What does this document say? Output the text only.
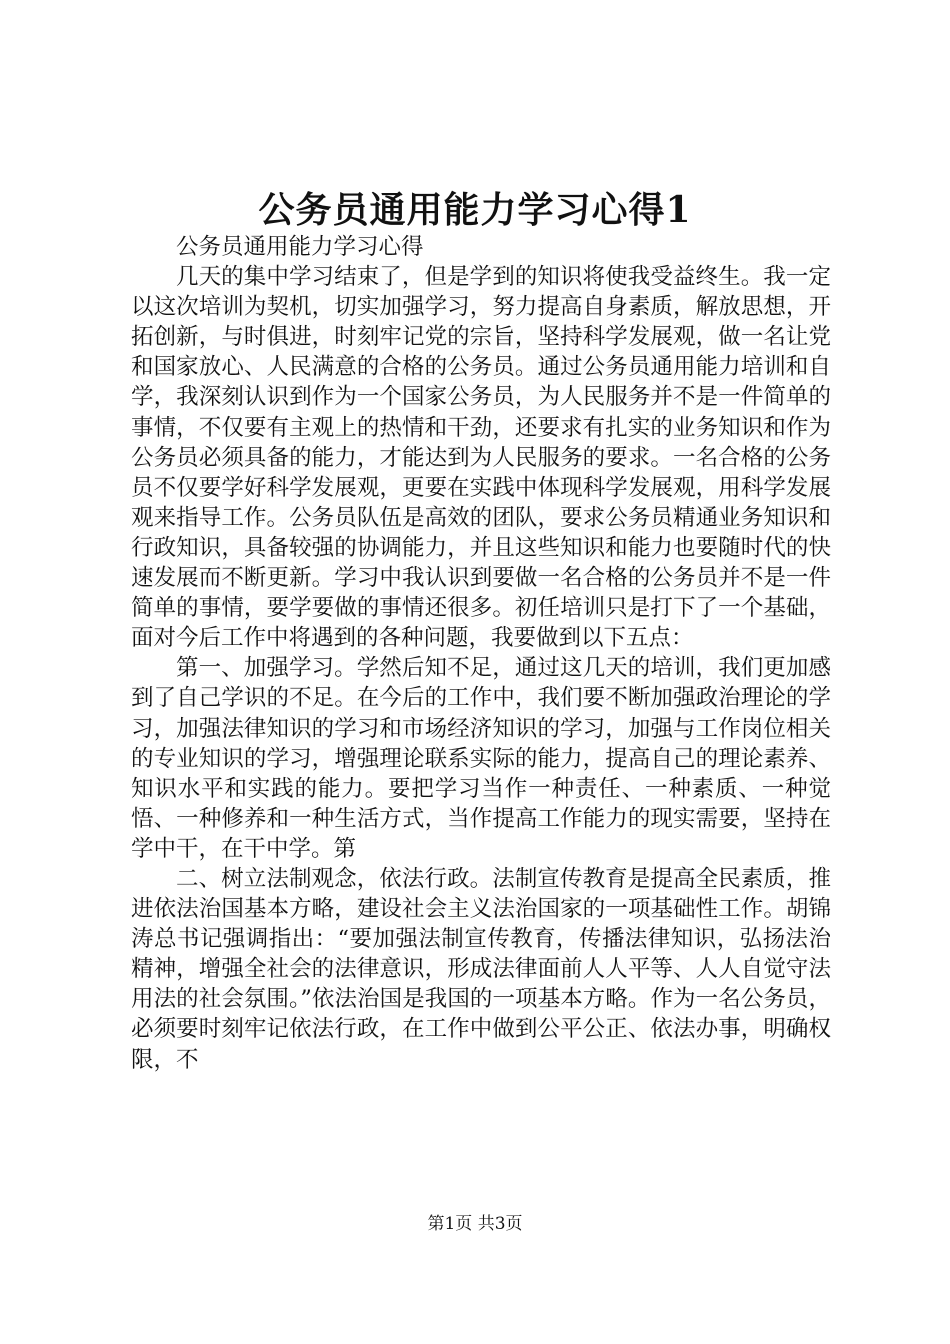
公务员通用能力学习心得1

公务员通用能力学习心得

几天的集中学习结束了，但是学到的知识将使我受益终生。我一定以这次培训为契机，切实加强学习，努力提高自身素质，解放思想，开拓创新，与时俱进，时刻牢记党的宗旨，坚持科学发展观，做一名让党和国家放心、人民满意的合格的公务员。通过公务员通用能力培训和自学，我深刻认识到作为一个国家公务员，为人民服务并不是一件简单的事情，不仅要有主观上的热情和干劲，还要求有扎实的业务知识和作为公务员必须具备的能力，才能达到为人民服务的要求。一名合格的公务员不仅要学好科学发展观，更要在实践中体现科学发展观，用科学发展观来指导工作。公务员队伍是高效的团队，要求公务员精通业务知识和行政知识，具备较强的协调能力，并且这些知识和能力也要随时代的快速发展而不断更新。学习中我认识到要做一名合格的公务员并不是一件简单的事情，要学要做的事情还很多。初任培训只是打下了一个基础，面对今后工作中将遇到的各种问题，我要做到以下五点：

第一、加强学习。学然后知不足，通过这几天的培训，我们更加感到了自己学识的不足。在今后的工作中，我们要不断加强政治理论的学习，加强法律知识的学习和市场经济知识的学习，加强与工作岗位相关的专业知识的学习，增强理论联系实际的能力，提高自己的理论素养、知识水平和实践的能力。要把学习当作一种责任、一种素质、一种觉悟、一种修养和一种生活方式，当作提高工作能力的现实需要，坚持在学中干，在干中学。第

二、树立法制观念，依法行政。法制宣传教育是提高全民素质，推进依法治国基本方略，建设社会主义法治国家的一项基础性工作。胡锦涛总书记强调指出：“要加强法制宣传教育，传播法律知识，弘扬法治精神，增强全社会的法律意识，形成法律面前人人平等、人人自觉守法用法的社会氛围。”依法治国是我国的一项基本方略。作为一名公务员，必须要时刻牢记依法行政，在工作中做到公平公正、依法办事，明确权限，不

第1页 共3页
